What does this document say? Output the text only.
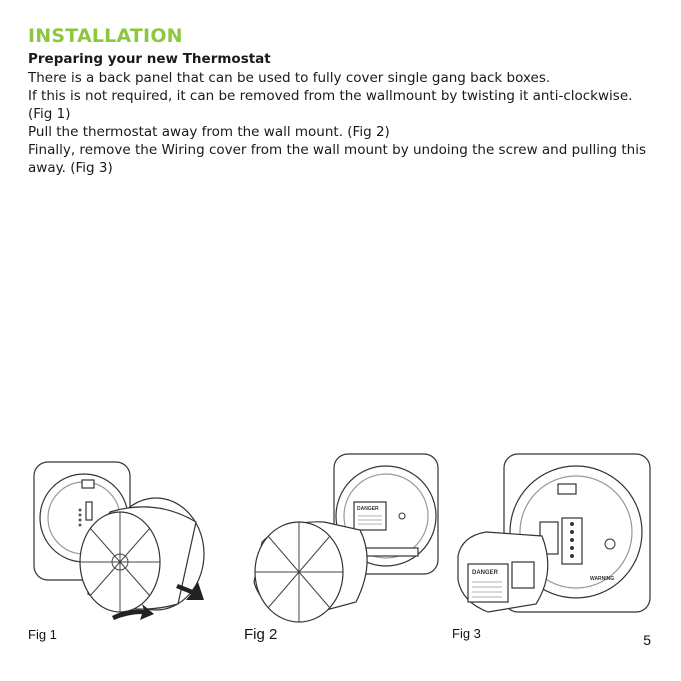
INSTALLATION

Preparing your new Thermostat

There is a back panel that can be used to fully cover single gang back boxes.

If this is not required, it can be removed from the wallmount by twisting it anti-clockwise. (Fig 1)

Pull the thermostat away from the wall mount. (Fig 2)

Finally, remove the Wiring cover from the wall mount by undoing the screw and pulling this away. (Fig 3)

Fig 1
DANGER
Fig 2
WARNING
DANGER
Fig 3	5
